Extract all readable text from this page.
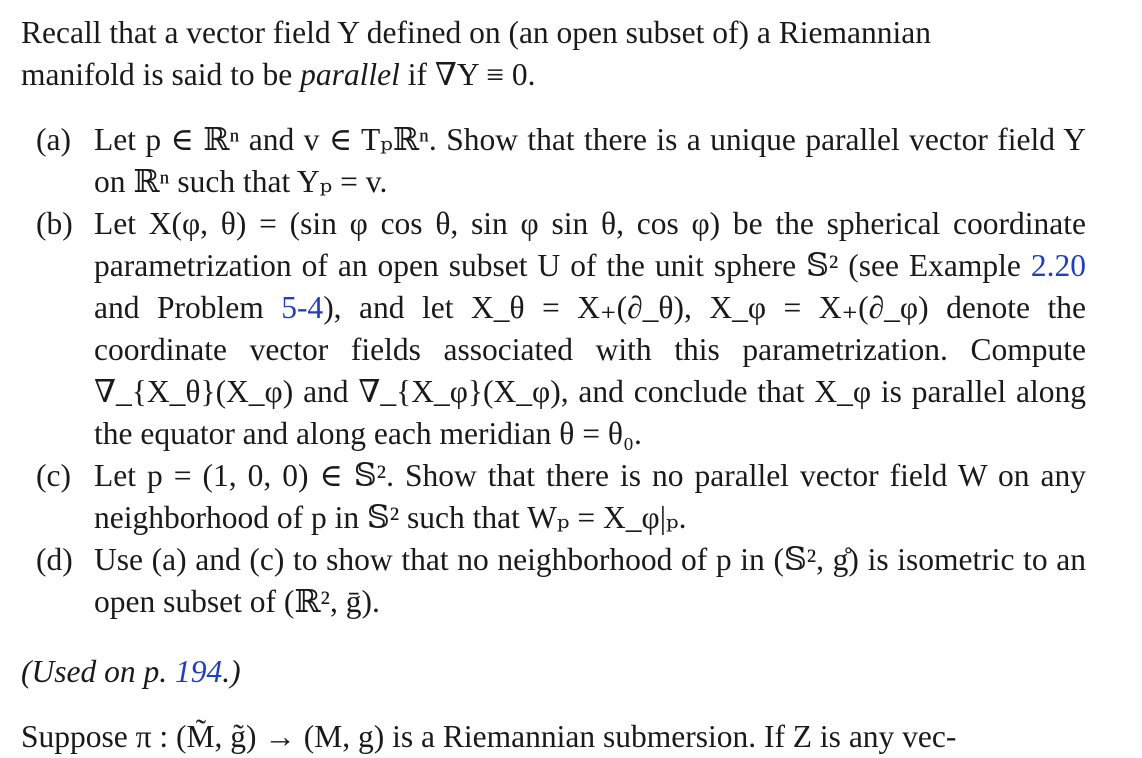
Recall that a vector field Y defined on (an open subset of) a Riemannian

manifold is said to be parallel if ∇Y ≡ 0.

(a) Let p ∈ ℝⁿ and v ∈ Tₚℝⁿ. Show that there is a unique parallel vector field Y on ℝⁿ such that Yₚ = v.
(b) Let X(φ, θ) = (sin φ cos θ, sin φ sin θ, cos φ) be the spherical coordinate parametrization of an open subset U of the unit sphere 𝕊² (see Example 2.20 and Problem 5-4), and let X_θ = X₊(∂_θ), X_φ = X₊(∂_φ) denote the coordinate vector fields associated with this parametrization. Compute ∇_{X_θ}(X_φ) and ∇_{X_φ}(X_φ), and conclude that X_φ is parallel along the equator and along each meridian θ = θ₀.
(c) Let p = (1, 0, 0) ∈ 𝕊². Show that there is no parallel vector field W on any neighborhood of p in 𝕊² such that Wₚ = X_φ|ₚ.
(d) Use (a) and (c) to show that no neighborhood of p in (𝕊², g̊) is isometric to an open subset of (ℝ², ḡ).
(Used on p. 194.)
Suppose π : (M̃, g̃) → (M, g) is a Riemannian submersion. If Z is any vec-
